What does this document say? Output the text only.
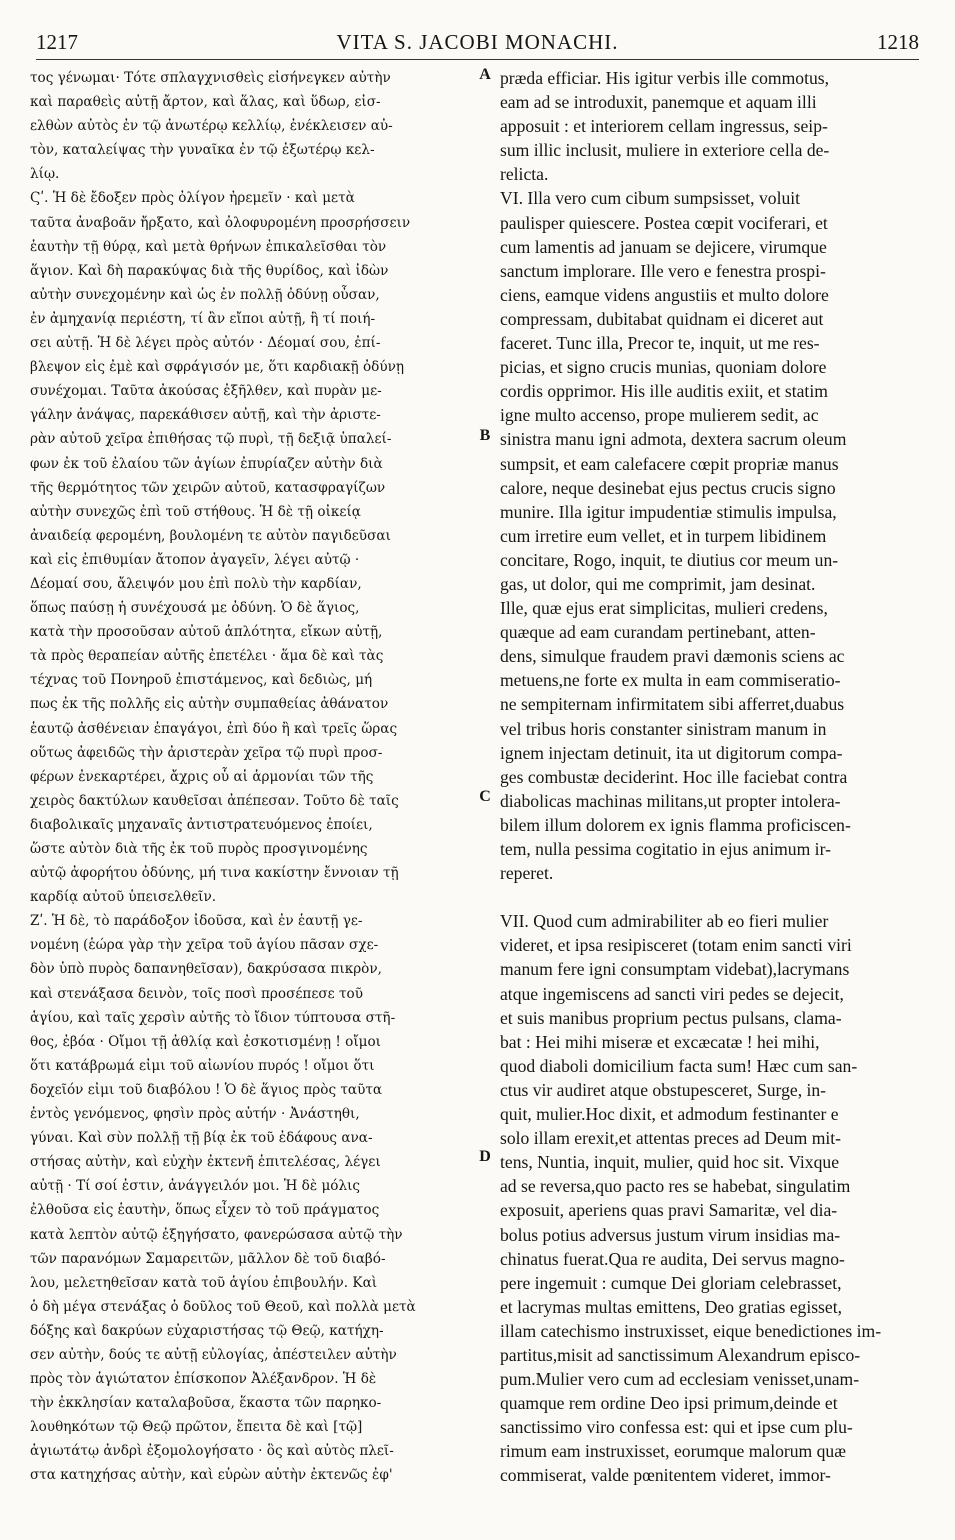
1217	VITA S. JACOBI MONACHI.	1218
τος γένωμαι· Τότε σπλαγχνισθεὶς εἰσήνεγκεν αὐτὴν
καὶ παραθεὶς αὐτῇ ἄρτον, καὶ ἅλας, καὶ ὕδωρ, εἰσ-
ελθὼν αὐτὸς ἐν τῷ ἀνωτέρῳ κελλίῳ, ἐνέκλεισεν αὐ-
τὸν, καταλείψας τὴν γυναῖκα ἐν τῷ ἐξωτέρῳ κελ-
λίῳ.
Ϛʹ. Ἡ δὲ ἔδοξεν πρὸς ὀλίγον ἠρεμεῖν · καὶ μετὰ
ταῦτα ἀναβοᾶν ἤρξατο, καὶ ὀλοφυρομένη προσρήσσειν
ἑαυτὴν τῇ θύρᾳ, καὶ μετὰ θρήνων ἐπικαλεῖσθαι τὸν
ἅγιον. Καὶ δὴ παρακύψας διὰ τῆς θυρίδος, καὶ ἰδὼν
αὐτὴν συνεχομένην καὶ ὡς ἐν πολλῇ ὀδύνῃ οὖσαν,
ἐν ἀμηχανίᾳ περιέστη, τί ἂν εἴποι αὐτῇ, ἢ τί ποιή-
σει αὐτῇ. Ἡ δὲ λέγει πρὸς αὐτόν · Δέομαί σου, ἐπί-
βλεψον εἰς ἐμὲ καὶ σφράγισόν με, ὅτι καρδιακῇ ὀδύνῃ
συνέχομαι. Ταῦτα ἀκούσας ἐξῆλθεν, καὶ πυρὰν με-
γάλην ἀνάψας, παρεκάθισεν αὐτῇ, καὶ τὴν ἀριστε-
ρὰν αὐτοῦ χεῖρα ἐπιθήσας τῷ πυρὶ, τῇ δεξιᾷ ὑπαλεί-
φων ἐκ τοῦ ἐλαίου τῶν ἁγίων ἐπυρίαζεν αὐτὴν διὰ
τῆς θερμότητος τῶν χειρῶν αὐτοῦ, κατασφραγίζων
αὐτὴν συνεχῶς ἐπὶ τοῦ στήθους. Ἡ δὲ τῇ οἰκείᾳ
ἀναιδείᾳ φερομένη, βουλομένη τε αὐτὸν παγιδεῦσαι
καὶ εἰς ἐπιθυμίαν ἄτοπον ἀγαγεῖν, λέγει αὐτῷ ·
Δέομαί σου, ἄλειψόν μου ἐπὶ πολὺ τὴν καρδίαν,
ὅπως παύσῃ ἡ συνέχουσά με ὀδύνη. Ὁ δὲ ἅγιος,
κατὰ τὴν προσοῦσαν αὐτοῦ ἁπλότητα, εἴκων αὐτῇ,
τὰ πρὸς θεραπείαν αὐτῆς ἐπετέλει · ἅμα δὲ καὶ τὰς
τέχνας τοῦ Πονηροῦ ἐπιστάμενος, καὶ δεδιὼς, μή
πως ἐκ τῆς πολλῆς εἰς αὐτὴν συμπαθείας ἀθάνατον
ἑαυτῷ ἀσθένειαν ἐπαγάγοι, ἐπὶ δύο ἢ καὶ τρεῖς ὥρας
οὕτως ἀφειδῶς τὴν ἀριστερὰν χεῖρα τῷ πυρὶ προσ-
φέρων ἐνεκαρτέρει, ἄχρις οὗ αἱ ἁρμονίαι τῶν τῆς
χειρὸς δακτύλων καυθεῖσαι ἀπέπεσαν. Τοῦτο δὲ ταῖς
διαβολικαῖς μηχαναῖς ἀντιστρατευόμενος ἐποίει,
ὥστε αὐτὸν διὰ τῆς ἐκ τοῦ πυρὸς προσγινομένης
αὐτῷ ἀφορήτου ὀδύνης, μή τινα κακίστην ἔννοιαν τῇ
καρδίᾳ αὐτοῦ ὑπεισελθεῖν.
Ζʹ. Ἡ δὲ, τὸ παράδοξον ἰδοῦσα, καὶ ἐν ἑαυτῇ γε-
νομένη (ἑώρα γὰρ τὴν χεῖρα τοῦ ἁγίου πᾶσαν σχε-
δὸν ὑπὸ πυρὸς δαπανηθεῖσαν), δακρύσασα πικρὸν,
καὶ στενάξασα δεινὸν, τοῖς ποσὶ προσέπεσε τοῦ
ἁγίου, καὶ ταῖς χερσὶν αὐτῆς τὸ ἴδιον τύπτουσα στῆ-
θος, ἐβόα · Οἴμοι τῇ ἀθλίᾳ καὶ ἐσκοτισμένῃ ! οἴμοι
ὅτι κατάβρωμά εἰμι τοῦ αἰωνίου πυρός ! οἴμοι ὅτι
δοχεῖόν εἰμι τοῦ διαβόλου ! Ὁ δὲ ἅγιος πρὸς ταῦτα
ἐντὸς γενόμενος, φησὶν πρὸς αὐτήν · Ἀνάστηθι,
γύναι. Καὶ σὺν πολλῇ τῇ βίᾳ ἐκ τοῦ ἐδάφους ανα-
στήσας αὐτὴν, καὶ εὐχὴν ἐκτενῆ ἐπιτελέσας, λέγει
αὐτῇ · Τί σοί ἐστιν, ἀνάγγειλόν μοι. Ἡ δὲ μόλις
ἐλθοῦσα εἰς ἑαυτὴν, ὅπως εἶχεν τὸ τοῦ πράγματος
κατὰ λεπτὸν αὐτῷ ἐξηγήσατο, φανερώσασα αὐτῷ τὴν
τῶν παρανόμων Σαμαρειτῶν, μᾶλλον δὲ τοῦ διαβό-
λου, μελετηθεῖσαν κατὰ τοῦ ἁγίου ἐπιβουλήν. Καὶ
ὁ δὴ μέγα στενάξας ὁ δοῦλος τοῦ Θεοῦ, καὶ πολλὰ μετὰ
δόξης καὶ δακρύων εὐχαριστήσας τῷ Θεῷ, κατήχη-
σεν αὐτὴν, δούς τε αὐτῇ εὐλογίας, ἀπέστειλεν αὐτὴν
πρὸς τὸν ἁγιώτατον ἐπίσκοπον Ἀλέξανδρον. Ἡ δὲ
τὴν ἐκκλησίαν καταλαβοῦσα, ἕκαστα τῶν παρηκο-
λουθηκότων τῷ Θεῷ πρῶτον, ἔπειτα δὲ καὶ [τῷ]
ἁγιωτάτῳ ἀνδρὶ ἐξομολογήσατο · ὃς καὶ αὐτὸς πλεῖ-
στα κατηχήσας αὐτὴν, καὶ εὑρὼν αὐτὴν ἐκτενῶς ἐφ'
præda efficiar. His igitur verbis ille commotus,
eam ad se introduxit, panemque et aquam illi
apposuit : et interiorem cellam ingressus, seip-
sum illic inclusit, muliere in exteriore cella de-
relicta.
VI. Illa vero cum cibum sumpsisset, voluit
paulisper quiescere. Postea cœpit vociferari, et
cum lamentis ad januam se dejicere, virumque
sanctum implorare. Ille vero e fenestra prospi-
ciens, eamque videns angustiis et multo dolore
compressam, dubitabat quidnam ei diceret aut
faceret. Tunc illa, Precor te, inquit, ut me res-
picias, et signo crucis munias, quoniam dolore
cordis opprimor. His ille auditis exiit, et statim
igne multo accenso, prope mulierem sedit, ac
sinistra manu igni admota, dextera sacrum oleum
sumpsit, et eam calefacere cœpit propriæ manus
calore, neque desinebat ejus pectus crucis signo
munire. Illa igitur impudentiæ stimulis impulsa,
cum irretire eum vellet, et in turpem libidinem
concitare, Rogo, inquit, te diutius cor meum un-
gas, ut dolor, qui me comprimit, jam desinat.
Ille, quæ ejus erat simplicitas, mulieri credens,
quæque ad eam curandam pertinebant, atten-
dens, simulque fraudem pravi dæmonis sciens ac
metuens,ne forte ex multa in eam commiseratio-
ne sempiternam infirmitatem sibi afferret,duabus
vel tribus horis constanter sinistram manum in
ignem injectam detinuit, ita ut digitorum compa-
ges combustæ deciderint. Hoc ille faciebat contra
diabolicas machinas militans,ut propter intolera-
bilem illum dolorem ex ignis flamma proficiscen-
tem, nulla pessima cogitatio in ejus animum ir-
reperet.
VII. Quod cum admirabiliter ab eo fieri mulier
videret, et ipsa resipisceret (totam enim sancti viri
manum fere igni consumptam videbat),lacrymans
atque ingemiscens ad sancti viri pedes se dejecit,
et suis manibus proprium pectus pulsans, clama-
bat : Hei mihi miseræ et excæcatæ ! hei mihi,
quod diaboli domicilium facta sum! Hæc cum san-
ctus vir audiret atque obstupesceret, Surge, in-
quit, mulier.Hoc dixit, et admodum festinanter e
solo illam erexit,et attentas preces ad Deum mit-
tens, Nuntia, inquit, mulier, quid hoc sit. Vixque
ad se reversa,quo pacto res se habebat, singulatim
exposuit, aperiens quas pravi Samaritæ, vel dia-
bolus potius adversus justum virum insidias ma-
chinatus fuerat.Qua re audita, Dei servus magno-
pere ingemuit : cumque Dei gloriam celebrasset,
et lacrymas multas emittens, Deo gratias egisset,
illam catechismo instruxisset, eique benedictiones im-
partitus,misit ad sanctissimum Alexandrum episco-
pum.Mulier vero cum ad ecclesiam venisset,unam-
quamque rem ordine Deo ipsi primum,deinde et
sanctissimo viro confessa est: qui et ipse cum plu-
rimum eam instruxisset, eorumque malorum quæ
commiserat, valde pœnitentem videret, immor-
A
B
C
D
